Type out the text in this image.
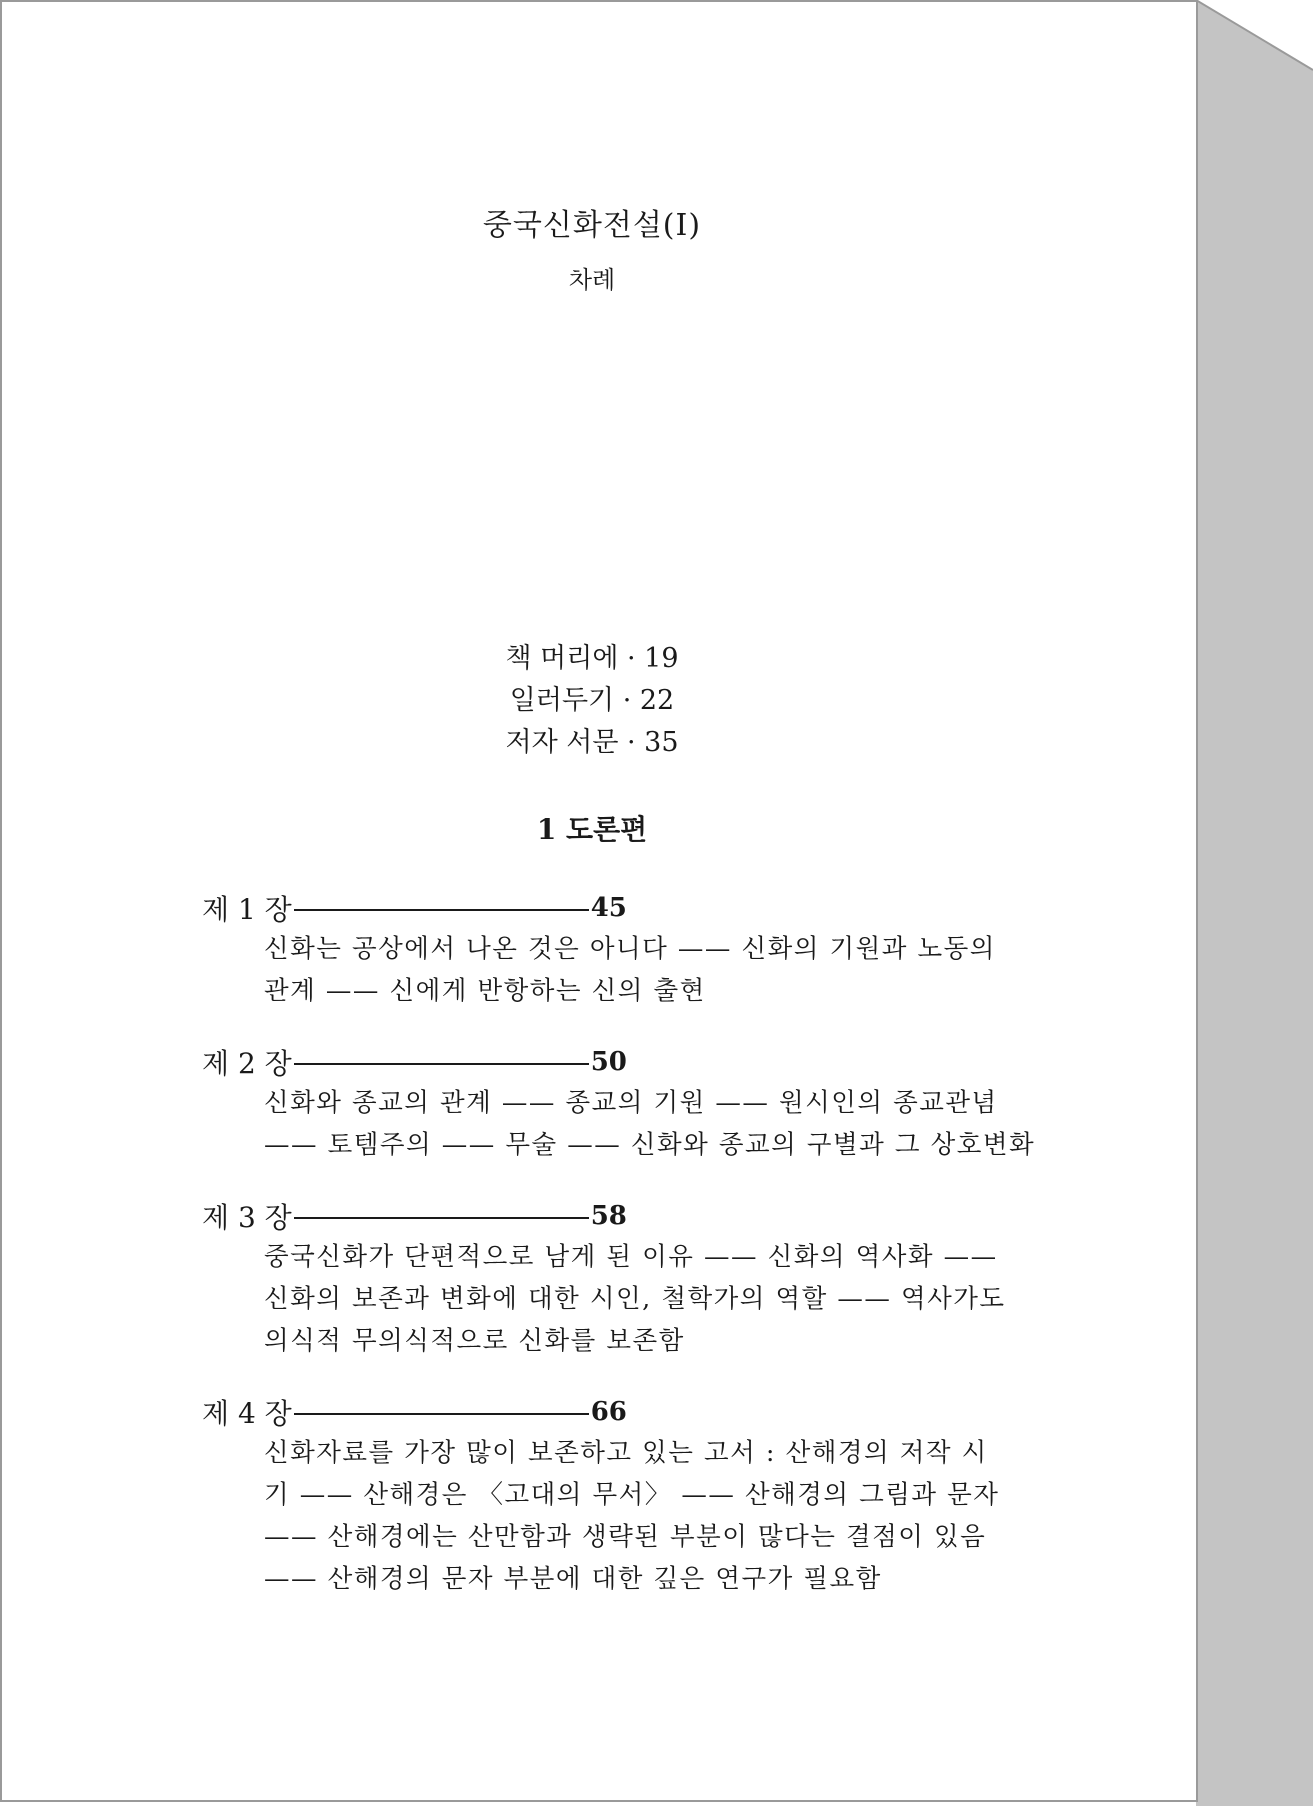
중국신화전설(Ⅰ)
차례
책 머리에 · 19
일러두기 · 22
저자 서문 · 35
1 도론편
제 1 장	45
신화는 공상에서 나온 것은 아니다 —— 신화의 기원과 노동의
관계 —— 신에게 반항하는 신의 출현
제 2 장	50
신화와 종교의 관계 —— 종교의 기원 —— 원시인의 종교관념
—— 토템주의 —— 무술 —— 신화와 종교의 구별과 그 상호변화
제 3 장	58
중국신화가 단편적으로 남게 된 이유 —— 신화의 역사화 ——
신화의 보존과 변화에 대한 시인, 철학가의 역할 —— 역사가도
의식적 무의식적으로 신화를 보존함
제 4 장	66
신화자료를 가장 많이 보존하고 있는 고서 : 산해경의 저작 시
기 —— 산해경은 〈고대의 무서〉 —— 산해경의 그림과 문자
—— 산해경에는 산만함과 생략된 부분이 많다는 결점이 있음
—— 산해경의 문자 부분에 대한 깊은 연구가 필요함
